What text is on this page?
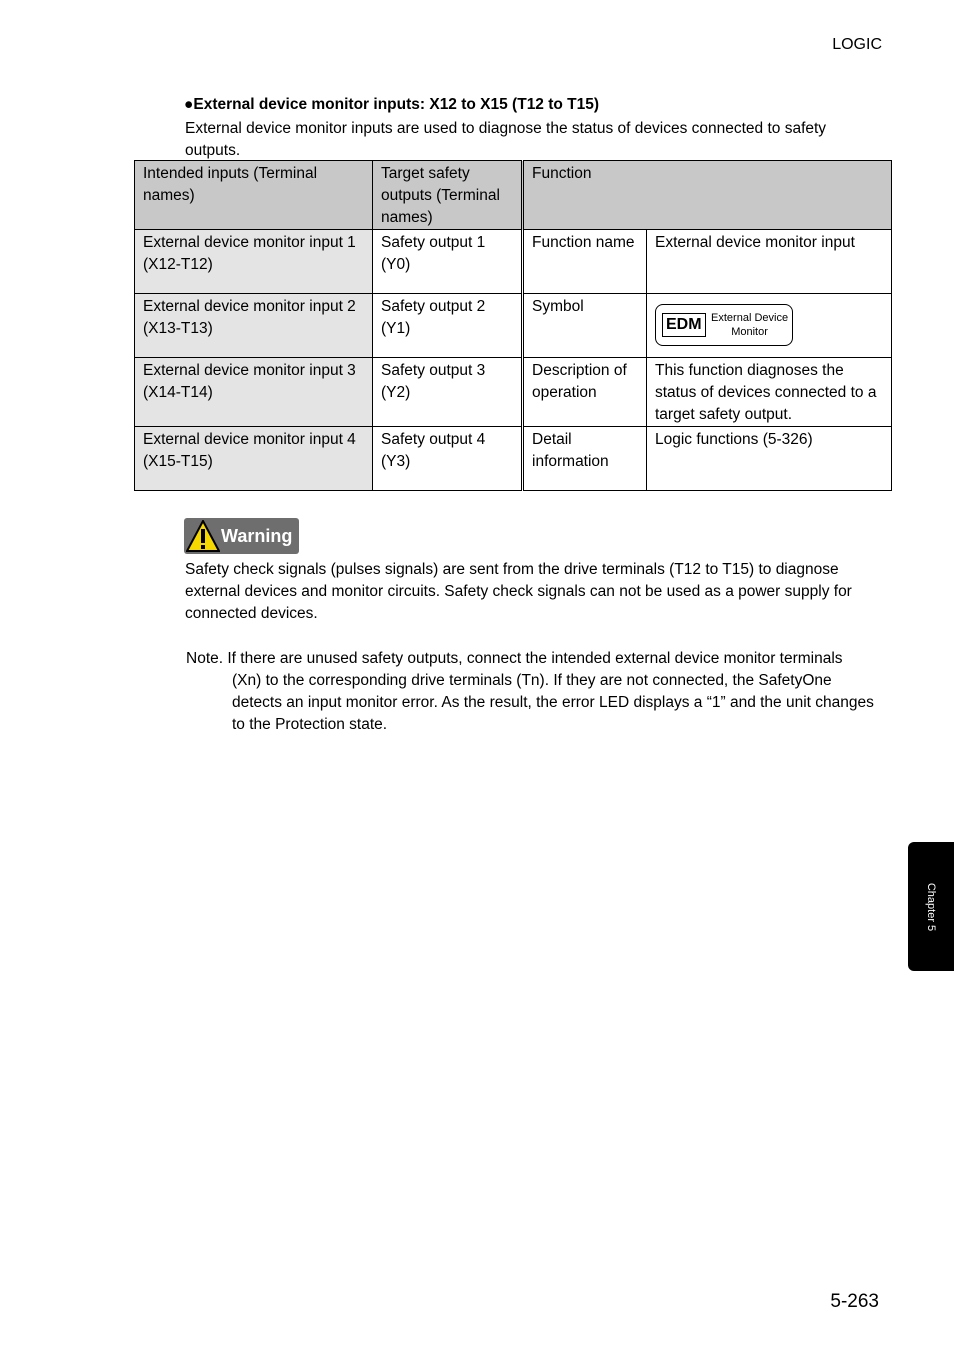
LOGIC
●External device monitor inputs: X12 to X15 (T12 to T15)
External device monitor inputs are used to diagnose the status of devices connected to safety outputs.
Intended inputs (Terminal names)	Target safety outputs (Terminal names)	Function	
External device monitor input 1 (X12-T12)	Safety output 1 (Y0)	Function name	External device monitor input
External device monitor input 2 (X13-T13)	Safety output 2 (Y1)	Symbol	EDM External Device
Monitor

External device monitor input 3 (X14-T14)	Safety output 3 (Y2)	Description of operation	This function diagnoses the status of devices connected to a target safety output.
External device monitor input 4 (X15-T15)	Safety output 4 (Y3)	Detail information	Logic functions (5-326)
Warning
Safety check signals (pulses signals) are sent from the drive terminals (T12 to T15) to diagnose external devices and monitor circuits. Safety check signals can not be used as a power supply for connected devices.
Note. If there are unused safety outputs, connect the intended external device monitor terminals
(Xn) to the corresponding drive terminals (Tn). If they are not connected, the SafetyOne detects an input monitor error. As the result, the error LED displays a “1” and the unit changes to the Protection state.
Chapter 5
5-263
